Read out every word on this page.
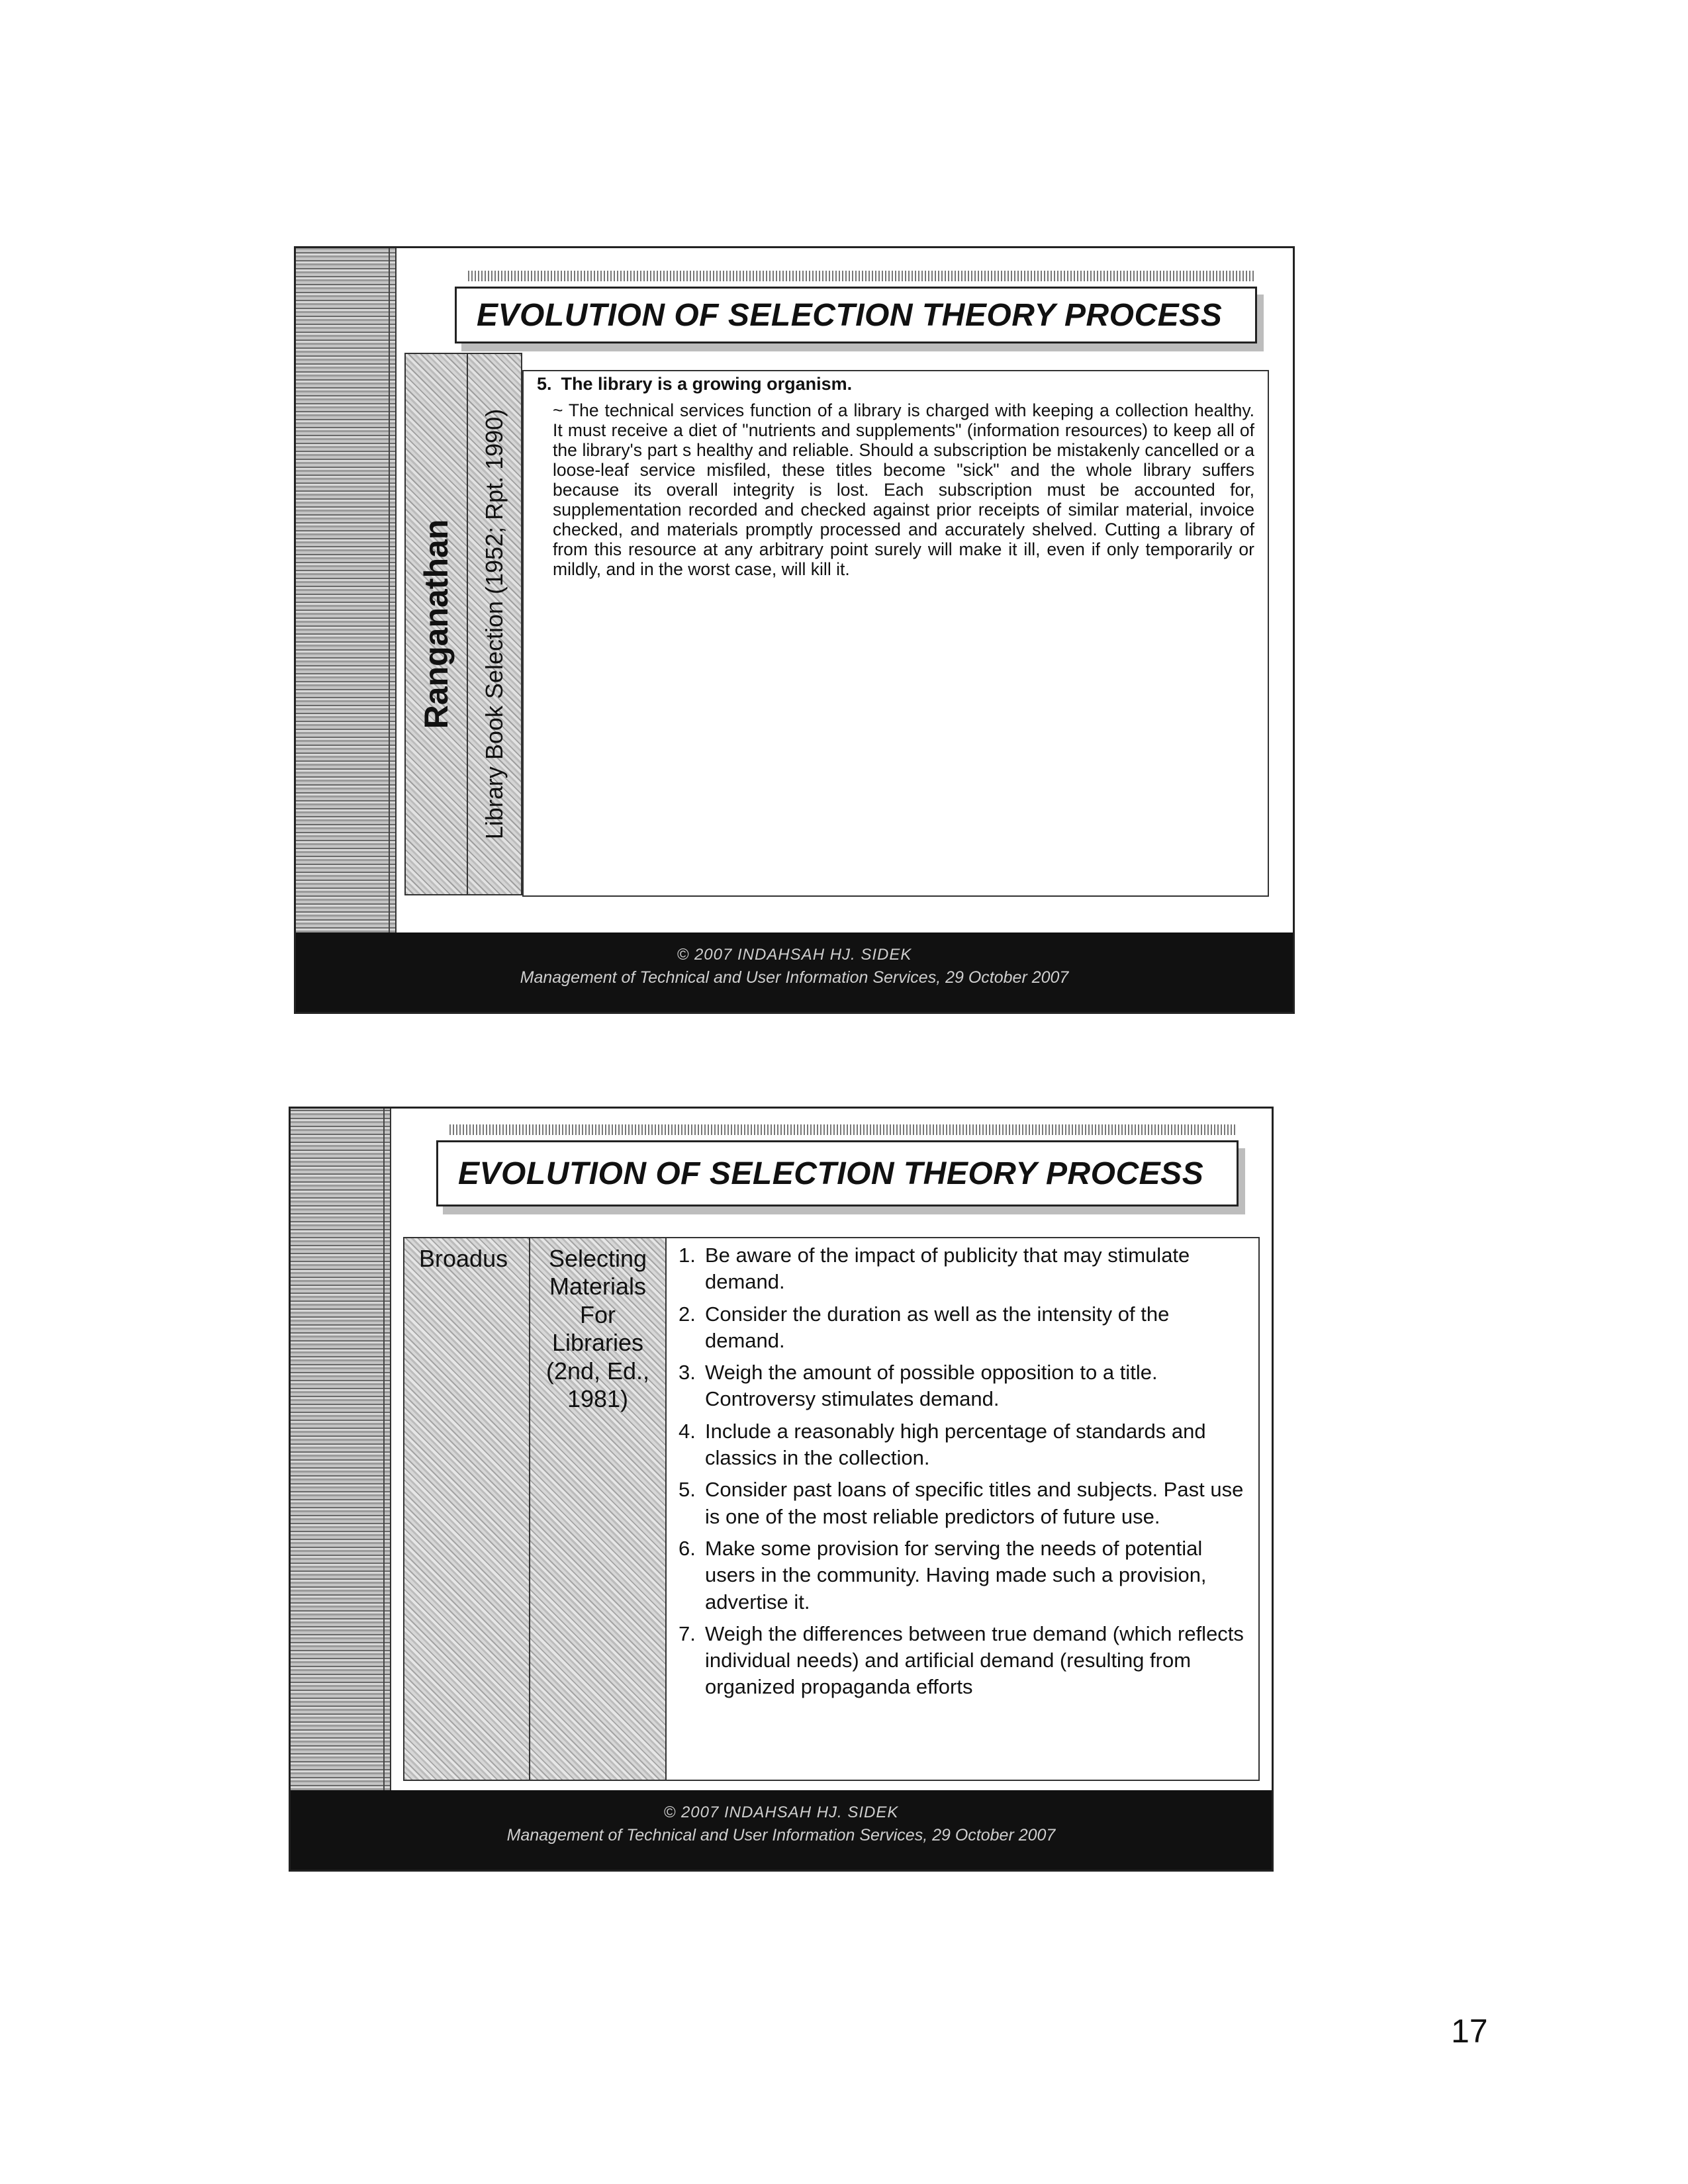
EVOLUTION OF SELECTION THEORY PROCESS
Ranganathan Library Book Selection (1952; Rpt. 1990)
5. The library is a growing organism.
~ The technical services function of a library is charged with keeping a collection healthy. It must receive a diet of "nutrients and supplements" (information resources) to keep all of the library's part s healthy and reliable. Should a subscription be mistakenly cancelled or a loose-leaf service misfiled, these titles become "sick" and the whole library suffers because its overall integrity is lost. Each subscription must be accounted for, supplementation recorded and checked against prior receipts of similar material, invoice checked, and materials promptly processed and accurately shelved. Cutting a library of from this resource at any arbitrary point surely will make it ill, even if only temporarily or mildly, and in the worst case, will kill it.
© 2007 INDAHSAH HJ. SIDEK
Management of Technical and User Information Services, 29 October 2007
EVOLUTION OF SELECTION THEORY PROCESS
Broadus	Selecting
Materials
For
Libraries
(2nd, Ed.,
1981)
1. Be aware of the impact of publicity that may stimulate demand.
2. Consider the duration as well as the intensity of the demand.
3. Weigh the amount of possible opposition to a title. Controversy stimulates demand.
4. Include a reasonably high percentage of standards and classics in the collection.
5. Consider past loans of specific titles and subjects. Past use is one of the most reliable predictors of future use.
6. Make some provision for serving the needs of potential users in the community. Having made such a provision, advertise it.
7. Weigh the differences between true demand (which reflects individual needs) and artificial demand (resulting from organized propaganda efforts
© 2007 INDAHSAH HJ. SIDEK
Management of Technical and User Information Services, 29 October 2007
17
